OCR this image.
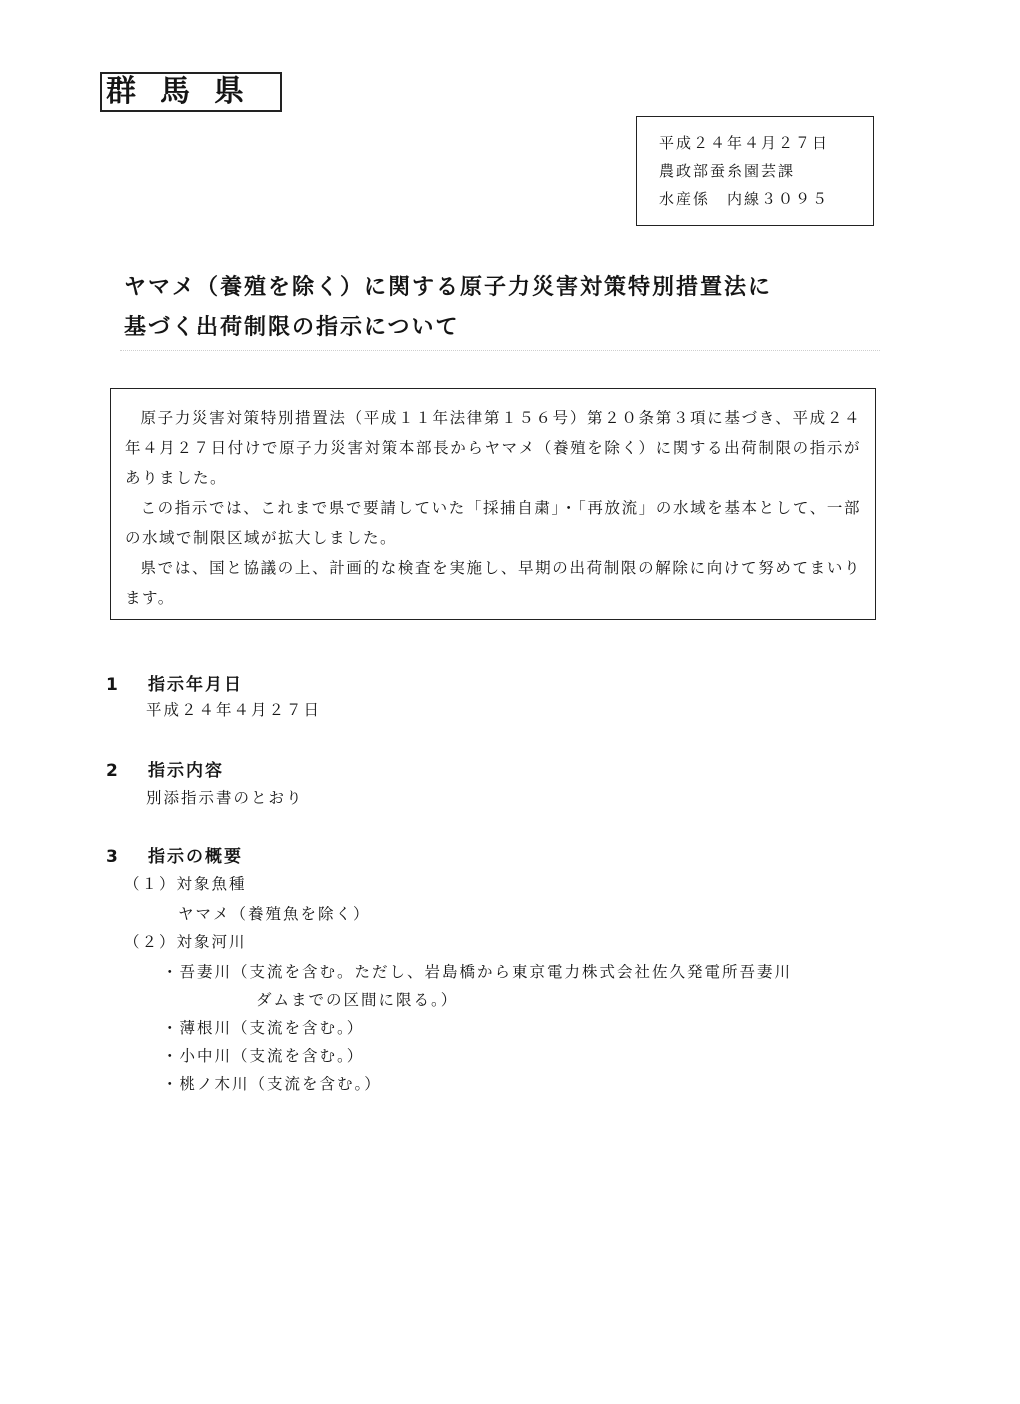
群馬県
平成２４年４月２７日
農政部蚕糸園芸課
水産係　内線３０９５
ヤマメ（養殖を除く）に関する原子力災害対策特別措置法に
基づく出荷制限の指示について

原子力災害対策特別措置法（平成１１年法律第１５６号）第２０条第３項に基づき、平成２４年４月２７日付けで原子力災害対策本部長からヤマメ（養殖を除く）に関する出荷制限の指示がありました。

この指示では、これまで県で要請していた「採捕自粛」・「再放流」の水域を基本として、一部の水域で制限区域が拡大しました。

県では、国と協議の上、計画的な検査を実施し、早期の出荷制限の解除に向けて努めてまいります。

1 指示年月日
平成２４年４月２７日
2 指示内容
別添指示書のとおり
3 指示の概要
（１）対象魚種
ヤマメ（養殖魚を除く）
（２）対象河川
・吾妻川（支流を含む。ただし、岩島橋から東京電力株式会社佐久発電所吾妻川
ダムまでの区間に限る。）
・薄根川（支流を含む。）
・小中川（支流を含む。）
・桃ノ木川（支流を含む。）
